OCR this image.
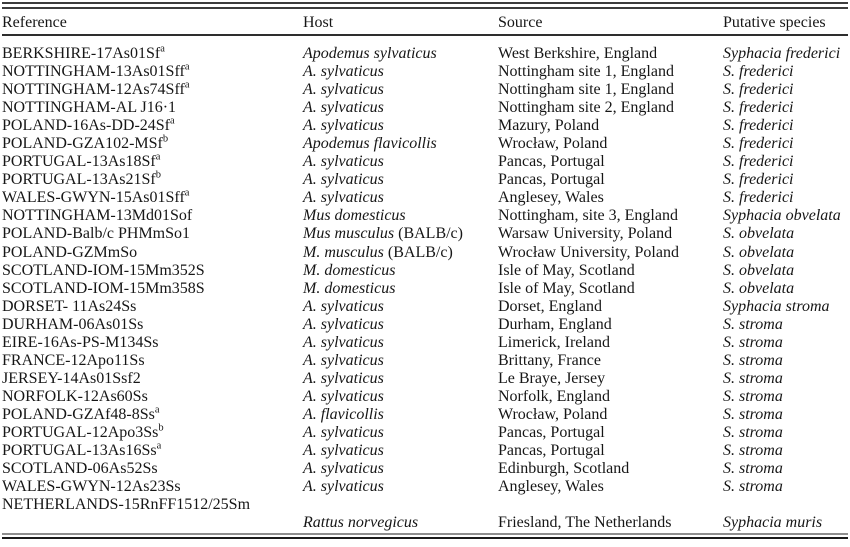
Reference	Host	Source	Putative species
BERKSHIRE-17As01Sf$^a$	Apodemus sylvaticus	West Berkshire, England	Syphacia frederici
NOTTINGHAM-13As01Sff$^a$	A. sylvaticus	Nottingham site 1, England	S. frederici
NOTTINGHAM-12As74Sff$^a$	A. sylvaticus	Nottingham site 1, England	S. frederici
NOTTINGHAM-AL J16·1	A. sylvaticus	Nottingham site 2, England	S. frederici
POLAND-16As-DD-24Sf$^a$	A. sylvaticus	Mazury, Poland	S. frederici
POLAND-GZA102-MSf$^b$	Apodemus flavicollis	Wrocław, Poland	S. frederici
PORTUGAL-13As18Sf$^a$	A. sylvaticus	Pancas, Portugal	S. frederici
PORTUGAL-13As21Sf$^b$	A. sylvaticus	Pancas, Portugal	S. frederici
WALES-GWYN-15As01Sff$^a$	A. sylvaticus	Anglesey, Wales	S. frederici
NOTTINGHAM-13Md01Sof	Mus domesticus	Nottingham, site 3, England	Syphacia obvelata
POLAND-Balb/c PHMmSo1	Mus musculus (BALB/c)	Warsaw University, Poland	S. obvelata
POLAND-GZMmSo	M. musculus (BALB/c)	Wrocław University, Poland	S. obvelata
SCOTLAND-IOM-15Mm352S	M. domesticus	Isle of May, Scotland	S. obvelata
SCOTLAND-IOM-15Mm358S	M. domesticus	Isle of May, Scotland	S. obvelata
DORSET- 11As24Ss	A. sylvaticus	Dorset, England	Syphacia stroma
DURHAM-06As01Ss	A. sylvaticus	Durham, England	S. stroma
EIRE-16As-PS-M134Ss	A. sylvaticus	Limerick, Ireland	S. stroma
FRANCE-12Apo11Ss	A. sylvaticus	Brittany, France	S. stroma
JERSEY-14As01Ssf2	A. sylvaticus	Le Braye, Jersey	S. stroma
NORFOLK-12As60Ss	A. sylvaticus	Norfolk, England	S. stroma
POLAND-GZAf48-8Ss$^a$	A. flavicollis	Wrocław, Poland	S. stroma
PORTUGAL-12Apo3Ss$^b$	A. sylvaticus	Pancas, Portugal	S. stroma
PORTUGAL-13As16Ss$^a$	A. sylvaticus	Pancas, Portugal	S. stroma
SCOTLAND-06As52Ss	A. sylvaticus	Edinburgh, Scotland	S. stroma
WALES-GWYN-12As23Ss	A. sylvaticus	Anglesey, Wales	S. stroma
NETHERLANDS-15RnFF1512/25Sm
Rattus norvegicus	Friesland, The Netherlands	Syphacia muris
